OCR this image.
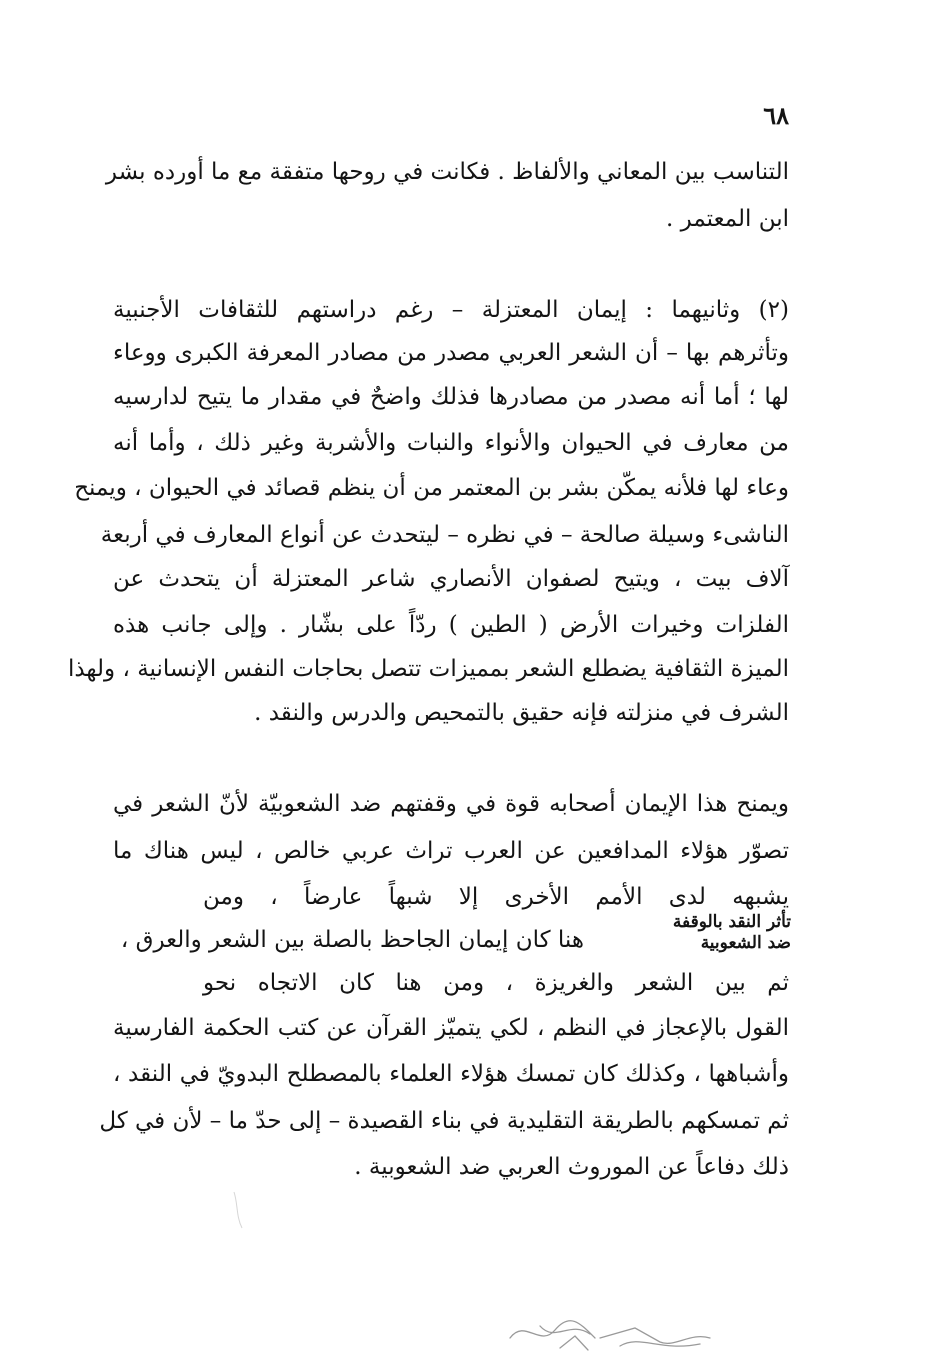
٦٨
التناسب بين المعاني والألفاظ . فكانت في روحها متفقة مع ما أورده بشر
ابن المعتمر .
(٢) وثانيهما : إيمان المعتزلة – رغم دراستهم للثقافات الأجنبية
وتأثرهم بها – أن الشعر العربي مصدر من مصادر المعرفة الكبرى ووعاء
لها ؛ أما أنه مصدر من مصادرها فذلك واضحٌ في مقدار ما يتيح لدارسيه
من معارف في الحيوان والأنواء والنبات والأشربة وغير ذلك ، وأما أنه
وعاء لها فلأنه يمكّن بشر بن المعتمر من أن ينظم قصائد في الحيوان ، ويمنح
الناشىء وسيلة صالحة – في نظره – ليتحدث عن أنواع المعارف في أربعة
آلاف بيت ، ويتيح لصفوان الأنصاري شاعر المعتزلة أن يتحدث عن
الفلزات وخيرات الأرض ( الطين ) ردّاً على بشّار . وإلى جانب هذه
الميزة الثقافية يضطلع الشعر بمميزات تتصل بحاجات النفس الإنسانية ، ولهذا
الشرف في منزلته فإنه حقيق بالتمحيص والدرس والنقد .
ويمنح هذا الإيمان أصحابه قوة في وقفتهم ضد الشعوبيّة لأنّ الشعر في
تصوّر هؤلاء المدافعين عن العرب تراث عربي خالص ، ليس هناك ما
يشبهه لدى الأمم الأخرى إلا شبهاً عارضاً ، ومن
هنا كان إيمان الجاحظ بالصلة بين الشعر والعرق ،
ثم بين الشعر والغريزة ، ومن هنا كان الاتجاه نحو
القول بالإعجاز في النظم ، لكي يتميّز القرآن عن كتب الحكمة الفارسية
وأشباهها ، وكذلك كان تمسك هؤلاء العلماء بالمصطلح البدويّ في النقد ،
ثم تمسكهم بالطريقة التقليدية في بناء القصيدة – إلى حدّ ما – لأن في كل
ذلك دفاعاً عن الموروث العربي ضد الشعوبية .
تأثر النقد بالوقفة
ضد الشعوبية
